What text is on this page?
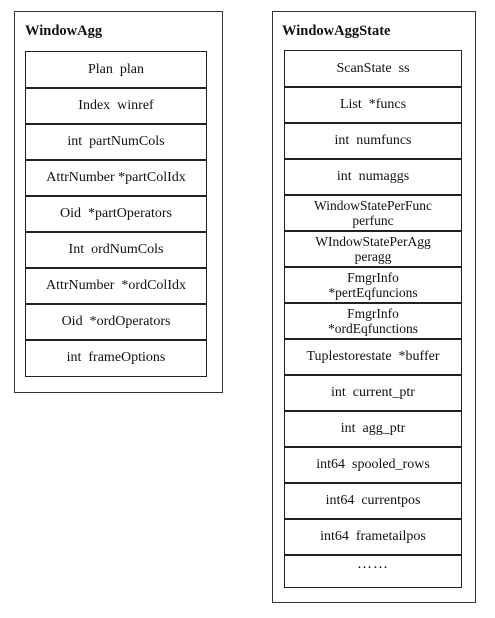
WindowAgg
Plan  plan
Index  winref
int  partNumCols
AttrNumber *partColIdx
Oid  *partOperators
Int  ordNumCols
AttrNumber  *ordColIdx
Oid  *ordOperators
int  frameOptions
WindowAggState
ScanState  ss
List  *funcs
int  numfuncs
int  numaggs
WindowStatePerFunc
perfunc
WIndowStatePerAgg
peragg
FmgrInfo
*pertEqfuncions
FmgrInfo
*ordEqfunctions
Tuplestorestate  *buffer
int  current_ptr
int  agg_ptr
int64  spooled_rows
int64  currentpos
int64  frametailpos
……
